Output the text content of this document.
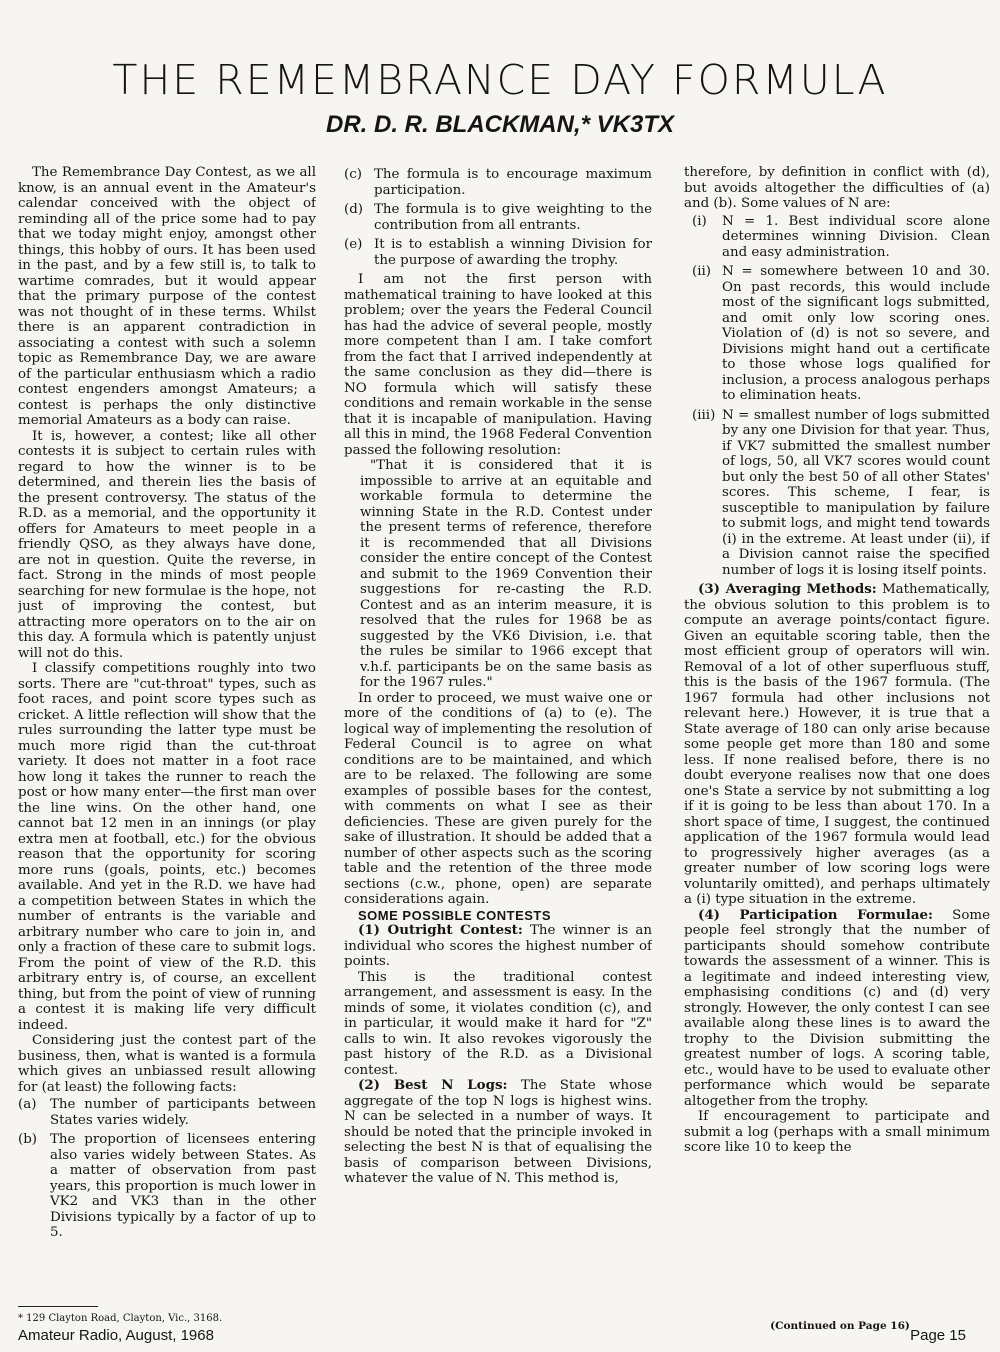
THE REMEMBRANCE DAY FORMULA
DR. D. R. BLACKMAN,* VK3TX

The Remembrance Day Contest, as we all know, is an annual event in the Amateur's calendar conceived with the object of reminding all of the price some had to pay that we today might enjoy, amongst other things, this hobby of ours. It has been used in the past, and by a few still is, to talk to wartime comrades, but it would appear that the primary purpose of the contest was not thought of in these terms. Whilst there is an apparent contradiction in associating a contest with such a solemn topic as Remembrance Day, we are aware of the particular enthusiasm which a radio contest engenders amongst Amateurs; a contest is perhaps the only distinctive memorial Amateurs as a body can raise.

It is, however, a contest; like all other contests it is subject to certain rules with regard to how the winner is to be determined, and therein lies the basis of the present controversy. The status of the R.D. as a memorial, and the opportunity it offers for Amateurs to meet people in a friendly QSO, as they always have done, are not in question. Quite the reverse, in fact. Strong in the minds of most people searching for new formulae is the hope, not just of improving the contest, but attracting more operators on to the air on this day. A formula which is patently unjust will not do this.

I classify competitions roughly into two sorts. There are "cut-throat" types, such as foot races, and point score types such as cricket. A little reflection will show that the rules surrounding the latter type must be much more rigid than the cut-throat variety. It does not matter in a foot race how long it takes the runner to reach the post or how many enter—the first man over the line wins. On the other hand, one cannot bat 12 men in an innings (or play extra men at football, etc.) for the obvious reason that the opportunity for scoring more runs (goals, points, etc.) becomes available. And yet in the R.D. we have had a competition between States in which the number of entrants is the variable and arbitrary number who care to join in, and only a fraction of these care to submit logs. From the point of view of the R.D. this arbitrary entry is, of course, an excellent thing, but from the point of view of running a contest it is making life very difficult indeed.

Considering just the contest part of the business, then, what is wanted is a formula which gives an unbiassed result allowing for (at least) the following facts:

(a)	The number of participants between States varies widely.
(b) The proportion of licensees entering also varies widely between States. As a matter of observation from past years, this proportion is much lower in VK2 and VK3 than in the other Divisions typically by a factor of up to 5.
(c) The formula is to encourage maximum participation.
(d) The formula is to give weighting to the contribution from all entrants.
(e) It is to establish a winning Division for the purpose of awarding the trophy.

I am not the first person with mathematical training to have looked at this problem; over the years the Federal Council has had the advice of several people, mostly more competent than I am. I take comfort from the fact that I arrived independently at the same conclusion as they did—there is NO formula which will satisfy these conditions and remain workable in the sense that it is incapable of manipulation. Having all this in mind, the 1968 Federal Convention passed the following resolution:

"That it is considered that it is impossible to arrive at an equitable and workable formula to determine the winning State in the R.D. Contest under the present terms of reference, therefore it is recommended that all Divisions consider the entire concept of the Contest and submit to the 1969 Convention their suggestions for re-casting the R.D. Contest and as an interim measure, it is resolved that the rules for 1968 be as suggested by the VK6 Division, i.e. that the rules be similar to 1966 except that v.h.f. participants be on the same basis as for the 1967 rules."

In order to proceed, we must waive one or more of the conditions of (a) to (e). The logical way of implementing the resolution of Federal Council is to agree on what conditions are to be maintained, and which are to be relaxed. The following are some examples of possible bases for the contest, with comments on what I see as their deficiencies. These are given purely for the sake of illustration. It should be added that a number of other aspects such as the scoring table and the retention of the three mode sections (c.w., phone, open) are separate considerations again.

SOME POSSIBLE CONTESTS

(1) Outright Contest: The winner is an individual who scores the highest number of points.

This is the traditional contest arrangement, and assessment is easy. In the minds of some, it violates condition (c), and in particular, it would make it hard for "Z" calls to win. It also revokes vigorously the past history of the R.D. as a Divisional contest.

(2) Best N Logs: The State whose aggregate of the top N logs is highest wins. N can be selected in a number of ways. It should be noted that the principle invoked in selecting the best N is that of equalising the basis of comparison between Divisions, whatever the value of N. This method is,

therefore, by definition in conflict with (d), but avoids altogether the difficulties of (a) and (b). Some values of N are:

(i)	N = 1. Best individual score alone determines winning Division. Clean and easy administration.
(ii) N = somewhere between 10 and 30. On past records, this would include most of the significant logs submitted, and omit only low scoring ones. Violation of (d) is not so severe, and Divisions might hand out a certificate to those whose logs qualified for inclusion, a process analogous perhaps to elimination heats.
(iii) N = smallest number of logs submitted by any one Division for that year. Thus, if VK7 submitted the smallest number of logs, 50, all VK7 scores would count but only the best 50 of all other States' scores. This scheme, I fear, is susceptible to manipulation by failure to submit logs, and might tend towards (i) in the extreme. At least under (ii), if a Division cannot raise the specified number of logs it is losing itself points.

(3) Averaging Methods: Mathematically, the obvious solution to this problem is to compute an average points/contact figure. Given an equitable scoring table, then the most efficient group of operators will win. Removal of a lot of other superfluous stuff, this is the basis of the 1967 formula. (The 1967 formula had other inclusions not relevant here.) However, it is true that a State average of 180 can only arise because some people get more than 180 and some less. If none realised before, there is no doubt everyone realises now that one does one's State a service by not submitting a log if it is going to be less than about 170. In a short space of time, I suggest, the continued application of the 1967 formula would lead to progressively higher averages (as a greater number of low scoring logs were voluntarily omitted), and perhaps ultimately a (i) type situation in the extreme.

(4) Participation Formulae: Some people feel strongly that the number of participants should somehow contribute towards the assessment of a winner. This is a legitimate and indeed interesting view, emphasising conditions (c) and (d) very strongly. However, the only contest I can see available along these lines is to award the trophy to the Division submitting the greatest number of logs. A scoring table, etc., would have to be used to evaluate other performance which would be separate altogether from the trophy.

If encouragement to participate and submit a log (perhaps with a small minimum score like 10 to keep the

(Continued on Page 16)
* 129 Clayton Road, Clayton, Vic., 3168.
Amateur Radio, August, 1968	Page 15
